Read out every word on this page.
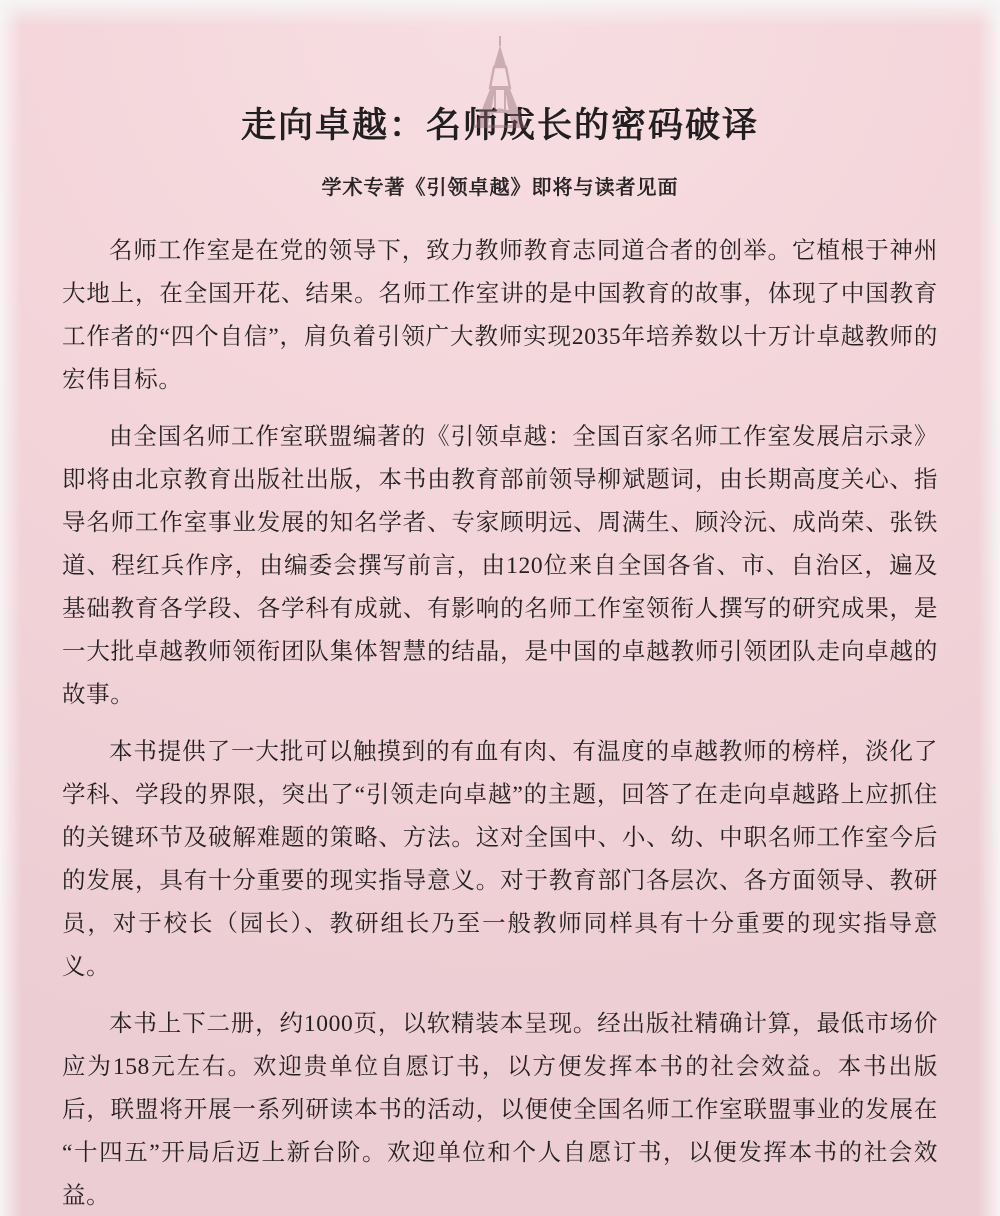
走向卓越：名师成长的密码破译
学术专著《引领卓越》即将与读者见面

名师工作室是在党的领导下，致力教师教育志同道合者的创举。它植根于神州大地上，在全国开花、结果。名师工作室讲的是中国教育的故事，体现了中国教育工作者的“四个自信”，肩负着引领广大教师实现2035年培养数以十万计卓越教师的宏伟目标。

由全国名师工作室联盟编著的《引领卓越：全国百家名师工作室发展启示录》即将由北京教育出版社出版，本书由教育部前领导柳斌题词，由长期高度关心、指导名师工作室事业发展的知名学者、专家顾明远、周满生、顾泠沅、成尚荣、张铁道、程红兵作序，由编委会撰写前言，由120位来自全国各省、市、自治区，遍及基础教育各学段、各学科有成就、有影响的名师工作室领衔人撰写的研究成果，是一大批卓越教师领衔团队集体智慧的结晶，是中国的卓越教师引领团队走向卓越的故事。

本书提供了一大批可以触摸到的有血有肉、有温度的卓越教师的榜样，淡化了学科、学段的界限，突出了“引领走向卓越”的主题，回答了在走向卓越路上应抓住的关键环节及破解难题的策略、方法。这对全国中、小、幼、中职名师工作室今后的发展，具有十分重要的现实指导意义。对于教育部门各层次、各方面领导、教研员，对于校长（园长）、教研组长乃至一般教师同样具有十分重要的现实指导意义。

本书上下二册，约1000页，以软精装本呈现。经出版社精确计算，最低市场价应为158元左右。欢迎贵单位自愿订书，以方便发挥本书的社会效益。本书出版后，联盟将开展一系列研读本书的活动，以便使全国名师工作室联盟事业的发展在“十四五”开局后迈上新台阶。欢迎单位和个人自愿订书，以便发挥本书的社会效益。
